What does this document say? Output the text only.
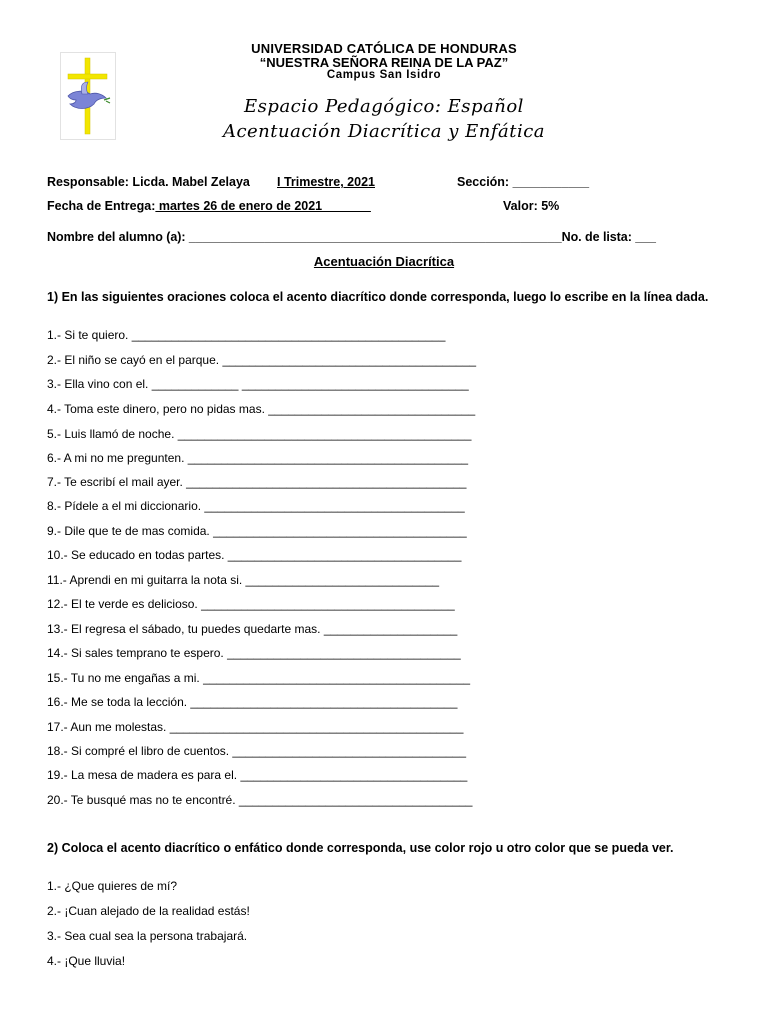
UNIVERSIDAD CATÓLICA DE HONDURAS
“NUESTRA SEÑORA REINA DE LA PAZ”
Campus San Isidro
Espacio Pedagógico: Español
Acentuación Diacrítica y Enfática
Responsable: Licda. Mabel Zelaya I Trimestre, 2021	Sección: ___________
Fecha de Entrega: martes 26 de enero de 2021_______	Valor: 5%
Nombre del alumno (a): ______________________________________________________No. de lista: ___
Acentuación Diacrítica
1) En las siguientes oraciones coloca el acento diacrítico donde corresponda, luego lo escribe en la línea dada.
1.- Si te quiero. _______________________________________________
2.- El niño se cayó en el parque. ______________________________________
3.- Ella vino con el. _____________ __________________________________
4.- Toma este dinero, pero no pidas mas. _______________________________
5.- Luis llamó de noche. ____________________________________________
6.- A mi no me pregunten. __________________________________________
7.- Te escribí el mail ayer. __________________________________________
8.- Pídele a el mi diccionario. _______________________________________
9.- Dile que te de mas comida. ______________________________________
10.- Se educado en todas partes. ___________________________________
11.- Aprendi en mi guitarra la nota si. _____________________________
12.- El te verde es delicioso. ______________________________________
13.- El regresa el sábado, tu puedes quedarte mas. ____________________
14.- Si sales temprano te espero. ___________________________________
15.- Tu no me engañas a mi. ________________________________________
16.- Me se toda la lección. ________________________________________
17.- Aun me molestas. ____________________________________________
18.- Si compré el libro de cuentos. ___________________________________
19.- La mesa de madera es para el. __________________________________
20.- Te busqué mas no te encontré. ___________________________________
2) Coloca el acento diacrítico o enfático donde corresponda, use color rojo u otro color que se pueda ver.
1.- ¿Que quieres de mí?
2.- ¡Cuan alejado de la realidad estás!
3.- Sea cual sea la persona trabajará.
4.- ¡Que lluvia!
